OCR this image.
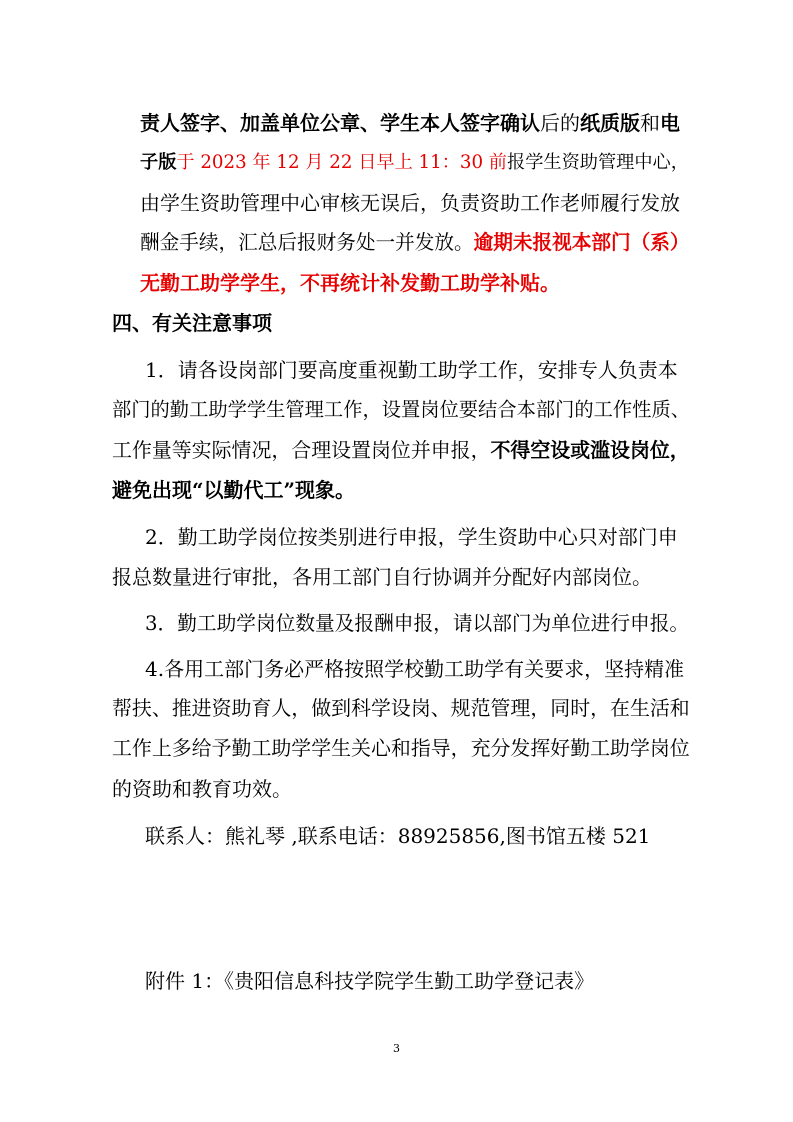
责人签字、加盖单位公章、学生本人签字确认后的纸质版和电
子版于 2023 年 12 月 22 日早上 11：30 前报学生资助管理中心，
由学生资助管理中心审核无误后，负责资助工作老师履行发放
酬金手续，汇总后报财务处一并发放。逾期未报视本部门（系）
无勤工助学学生，不再统计补发勤工助学补贴。
四、有关注意事项
1．请各设岗部门要高度重视勤工助学工作，安排专人负责本
部门的勤工助学学生管理工作，设置岗位要结合本部门的工作性质、
工作量等实际情况，合理设置岗位并申报，不得空设或滥设岗位，
避免出现“以勤代工”现象。
2．勤工助学岗位按类别进行申报，学生资助中心只对部门申
报总数量进行审批，各用工部门自行协调并分配好内部岗位。
3．勤工助学岗位数量及报酬申报，请以部门为单位进行申报。
4.各用工部门务必严格按照学校勤工助学有关要求，坚持精准
帮扶、推进资助育人，做到科学设岗、规范管理，同时，在生活和
工作上多给予勤工助学学生关心和指导，充分发挥好勤工助学岗位
的资助和教育功效。
联系人：熊礼琴 ,联系电话：88925856,图书馆五楼 521
附件 1：《贵阳信息科技学院学生勤工助学登记表》
3
